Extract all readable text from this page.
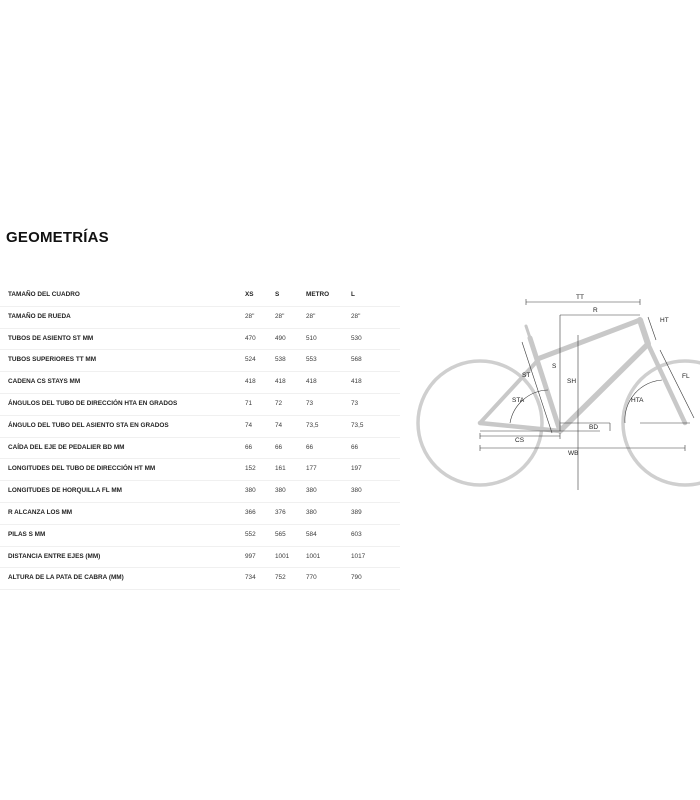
GEOMETRÍAS
TAMAÑO DEL CUADRO	XS	S	METRO	L
TAMAÑO DE RUEDA	28"	28"	28"	28"
TUBOS DE ASIENTO ST MM	470	490	510	530
TUBOS SUPERIORES TT MM	524	538	553	568
CADENA CS STAYS MM	418	418	418	418
ÁNGULOS DEL TUBO DE DIRECCIÓN HTA EN GRADOS	71	72	73	73
ÁNGULO DEL TUBO DEL ASIENTO STA EN GRADOS	74	74	73,5	73,5
CAÍDA DEL EJE DE PEDALIER BD MM	66	66	66	66
LONGITUDES DEL TUBO DE DIRECCIÓN HT MM	152	161	177	197
LONGITUDES DE HORQUILLA FL MM	380	380	380	380
R ALCANZA LOS MM	366	376	380	389
PILAS S MM	552	565	584	603
DISTANCIA ENTRE EJES (MM)	997	1001	1001	1017
ALTURA DE LA PATA DE CABRA (MM)	734	752	770	790
TT
R
HT
ST
S
SH
STA
FL
HTA
BD
CS
WB
